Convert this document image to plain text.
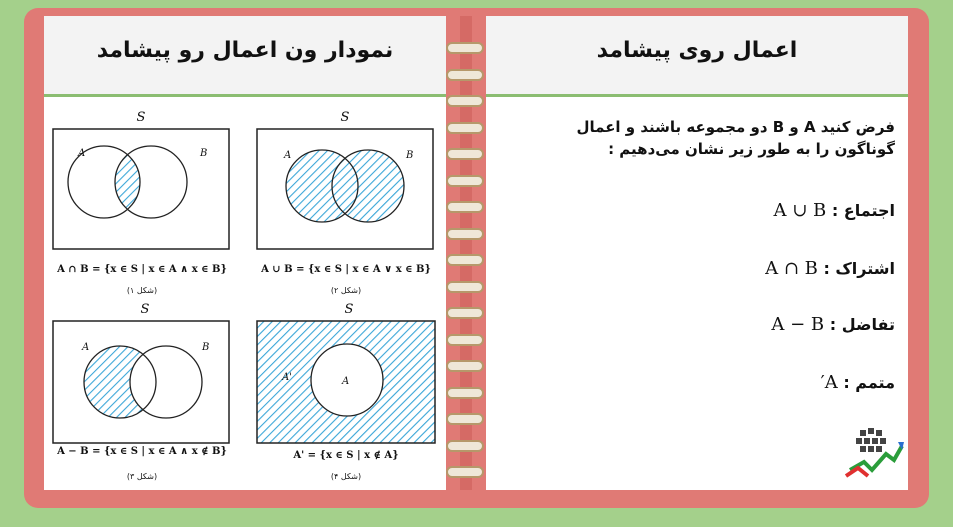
نمودار ون اعمال رو پیشامد	اعمال روی پیشامد
فرض کنید A و B دو مجموعه باشند و اعمال گوناگون را به طور زیر نشان می‌دهیم :
اجتماع : A ∪ B
اشتراک : A ∩ B
تفاضل : A − B
متمم : A′
S
A	B
A ∩ B = {x ∈ S | x ∈ A ∧ x ∈ B}
(شکل ۱)
S
A	B
A ∪ B = {x ∈ S | x ∈ A ∨ x ∈ B}
(شکل ۲)
S
A	B
A − B = {x ∈ S | x ∈ A ∧ x ∉ B}
(شکل ۳)
S
A
A'
A' = {x ∈ S | x ∉ A}
(شکل ۴)
